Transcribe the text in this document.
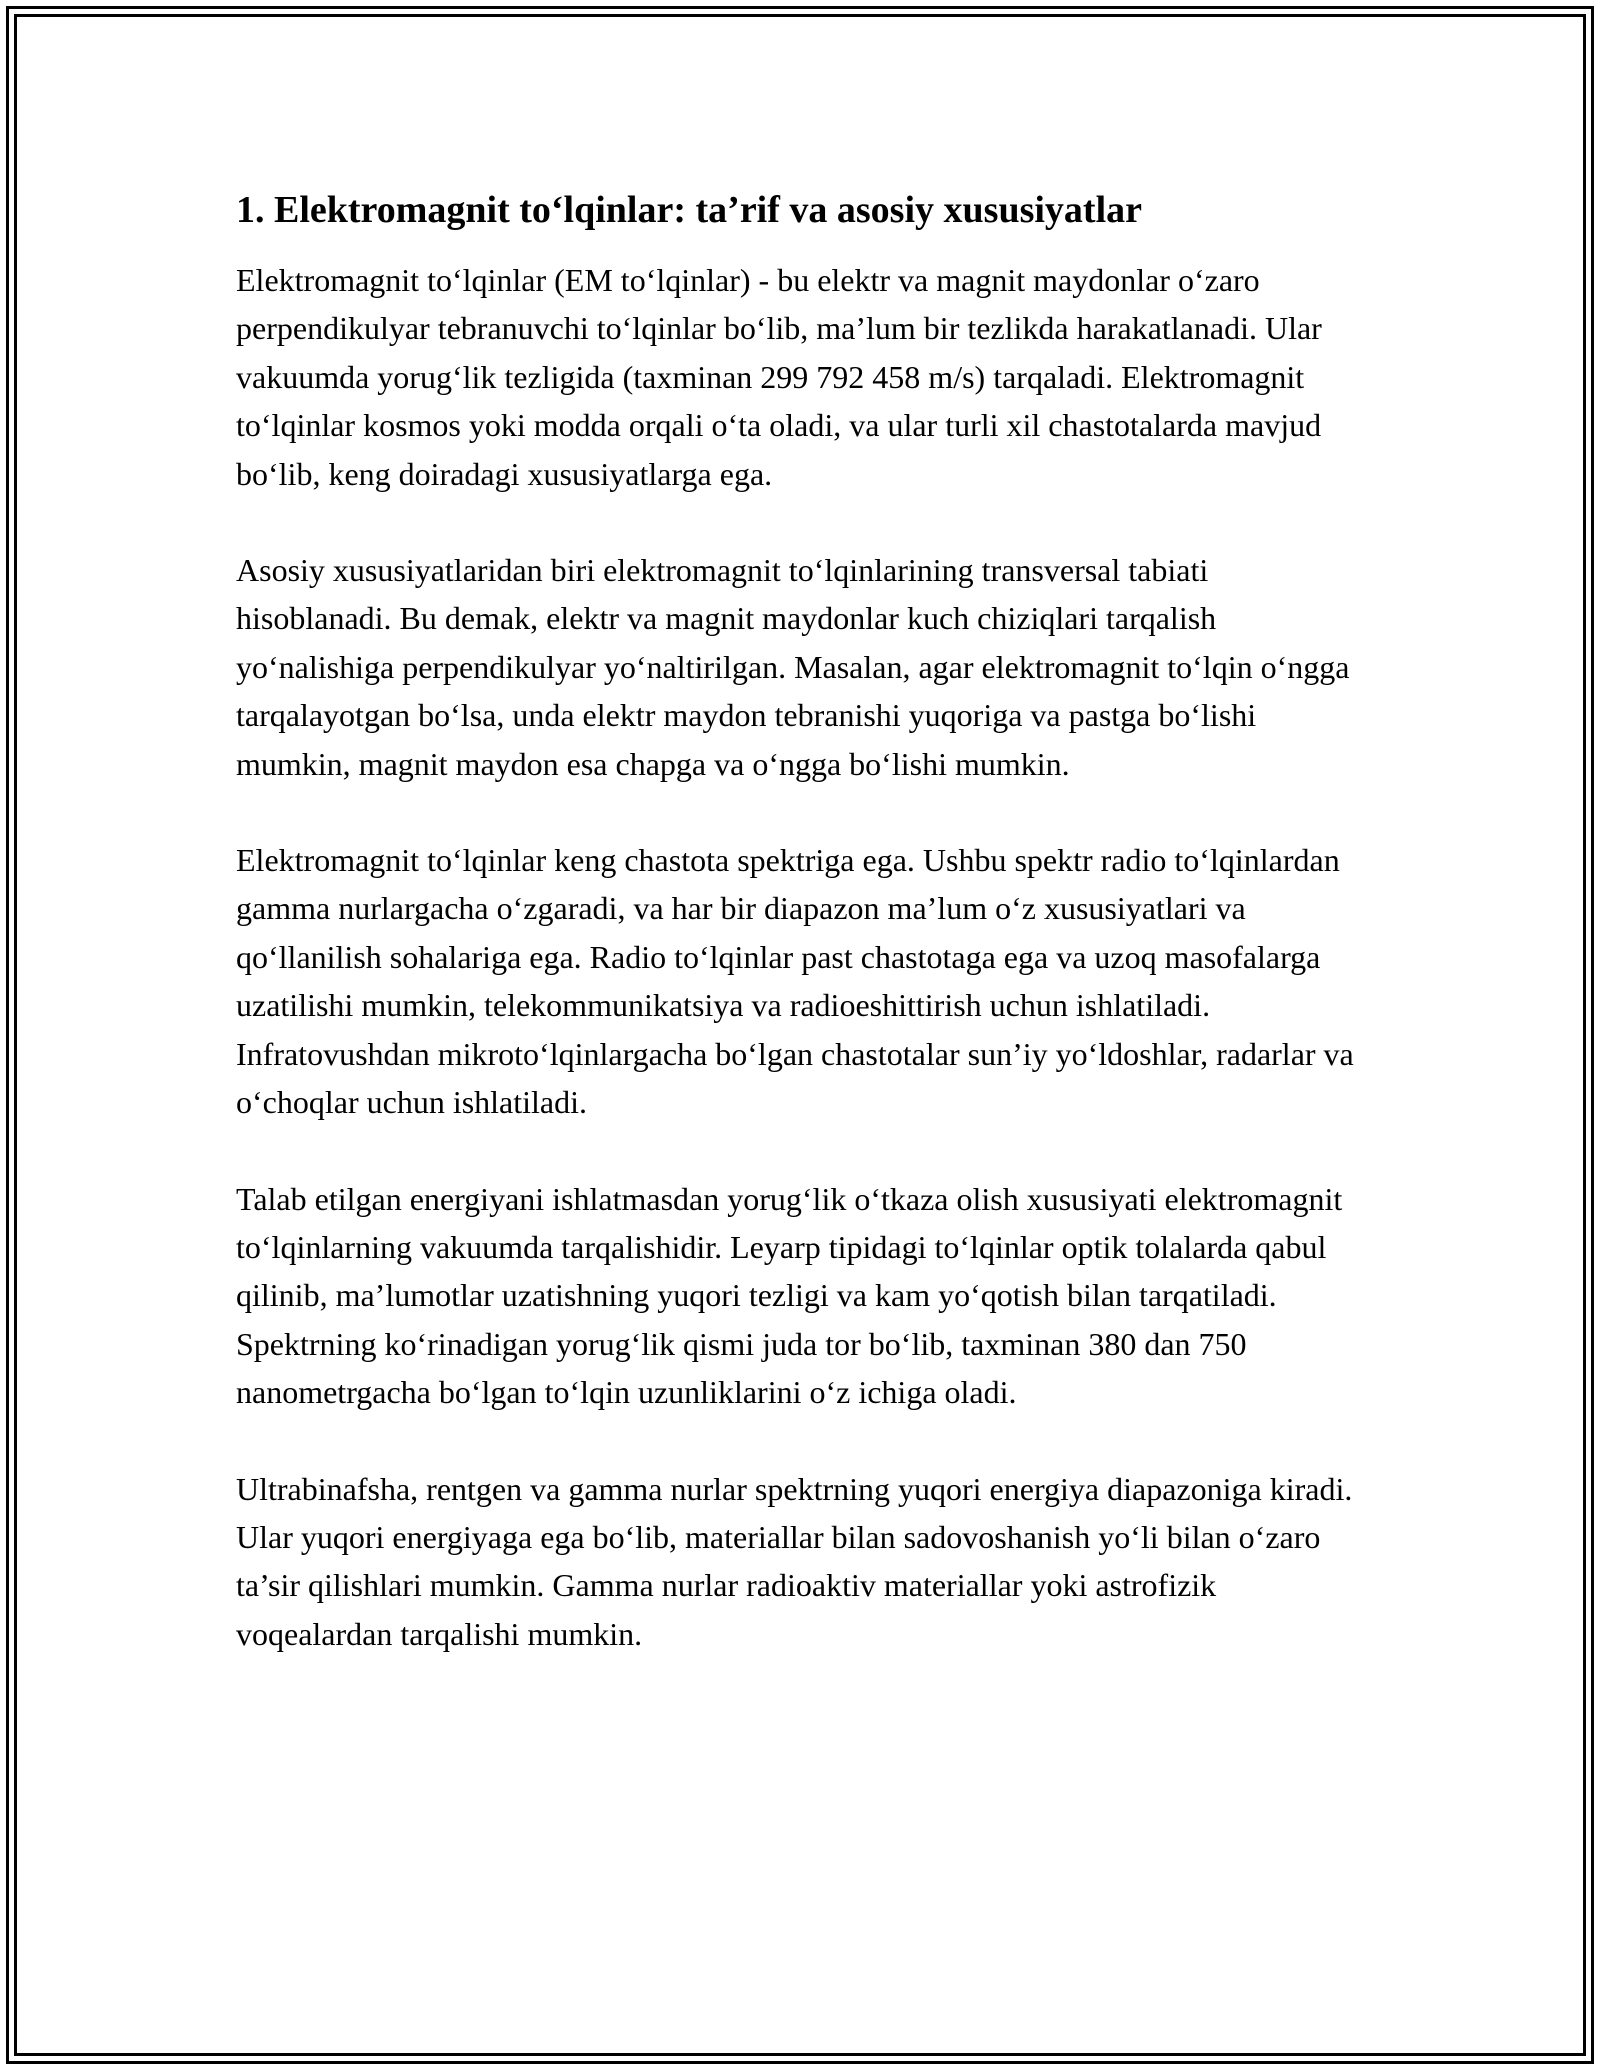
1. Elektromagnit to‘lqinlar: ta’rif va asosiy xususiyatlar

Elektromagnit to‘lqinlar (EM to‘lqinlar) - bu elektr va magnit maydonlar o‘zaro perpendikulyar tebranuvchi to‘lqinlar bo‘lib, ma’lum bir tezlikda harakatlanadi. Ular vakuumda yorug‘lik tezligida (taxminan 299 792 458 m/s) tarqaladi. Elektromagnit to‘lqinlar kosmos yoki modda orqali o‘ta oladi, va ular turli xil chastotalarda mavjud bo‘lib, keng doiradagi xususiyatlarga ega.

Asosiy xususiyatlaridan biri elektromagnit to‘lqinlarining transversal tabiati hisoblanadi. Bu demak, elektr va magnit maydonlar kuch chiziqlari tarqalish yo‘nalishiga perpendikulyar yo‘naltirilgan. Masalan, agar elektromagnit to‘lqin o‘ngga tarqalayotgan bo‘lsa, unda elektr maydon tebranishi yuqoriga va pastga bo‘lishi mumkin, magnit maydon esa chapga va o‘ngga bo‘lishi mumkin.

Elektromagnit to‘lqinlar keng chastota spektriga ega. Ushbu spektr radio to‘lqinlardan gamma nurlargacha o‘zgaradi, va har bir diapazon ma’lum o‘z xususiyatlari va qo‘llanilish sohalariga ega. Radio to‘lqinlar past chastotaga ega va uzoq masofalarga uzatilishi mumkin, telekommunikatsiya va radioeshittirish uchun ishlatiladi. Infratovushdan mikroto‘lqinlargacha bo‘lgan chastotalar sun’iy yo‘ldoshlar, radarlar va o‘choqlar uchun ishlatiladi.

Talab etilgan energiyani ishlatmasdan yorug‘lik o‘tkaza olish xususiyati elektromagnit to‘lqinlarning vakuumda tarqalishidir. Leyarp tipidagi to‘lqinlar optik tolalarda qabul qilinib, ma’lumotlar uzatishning yuqori tezligi va kam yo‘qotish bilan tarqatiladi. Spektrning ko‘rinadigan yorug‘lik qismi juda tor bo‘lib, taxminan 380 dan 750 nanometrgacha bo‘lgan to‘lqin uzunliklarini o‘z ichiga oladi.

Ultrabinafsha, rentgen va gamma nurlar spektrning yuqori energiya diapazoniga kiradi. Ular yuqori energiyaga ega bo‘lib, materiallar bilan sadovoshanish yo‘li bilan o‘zaro ta’sir qilishlari mumkin. Gamma nurlar radioaktiv materiallar yoki astrofizik voqealardan tarqalishi mumkin.
